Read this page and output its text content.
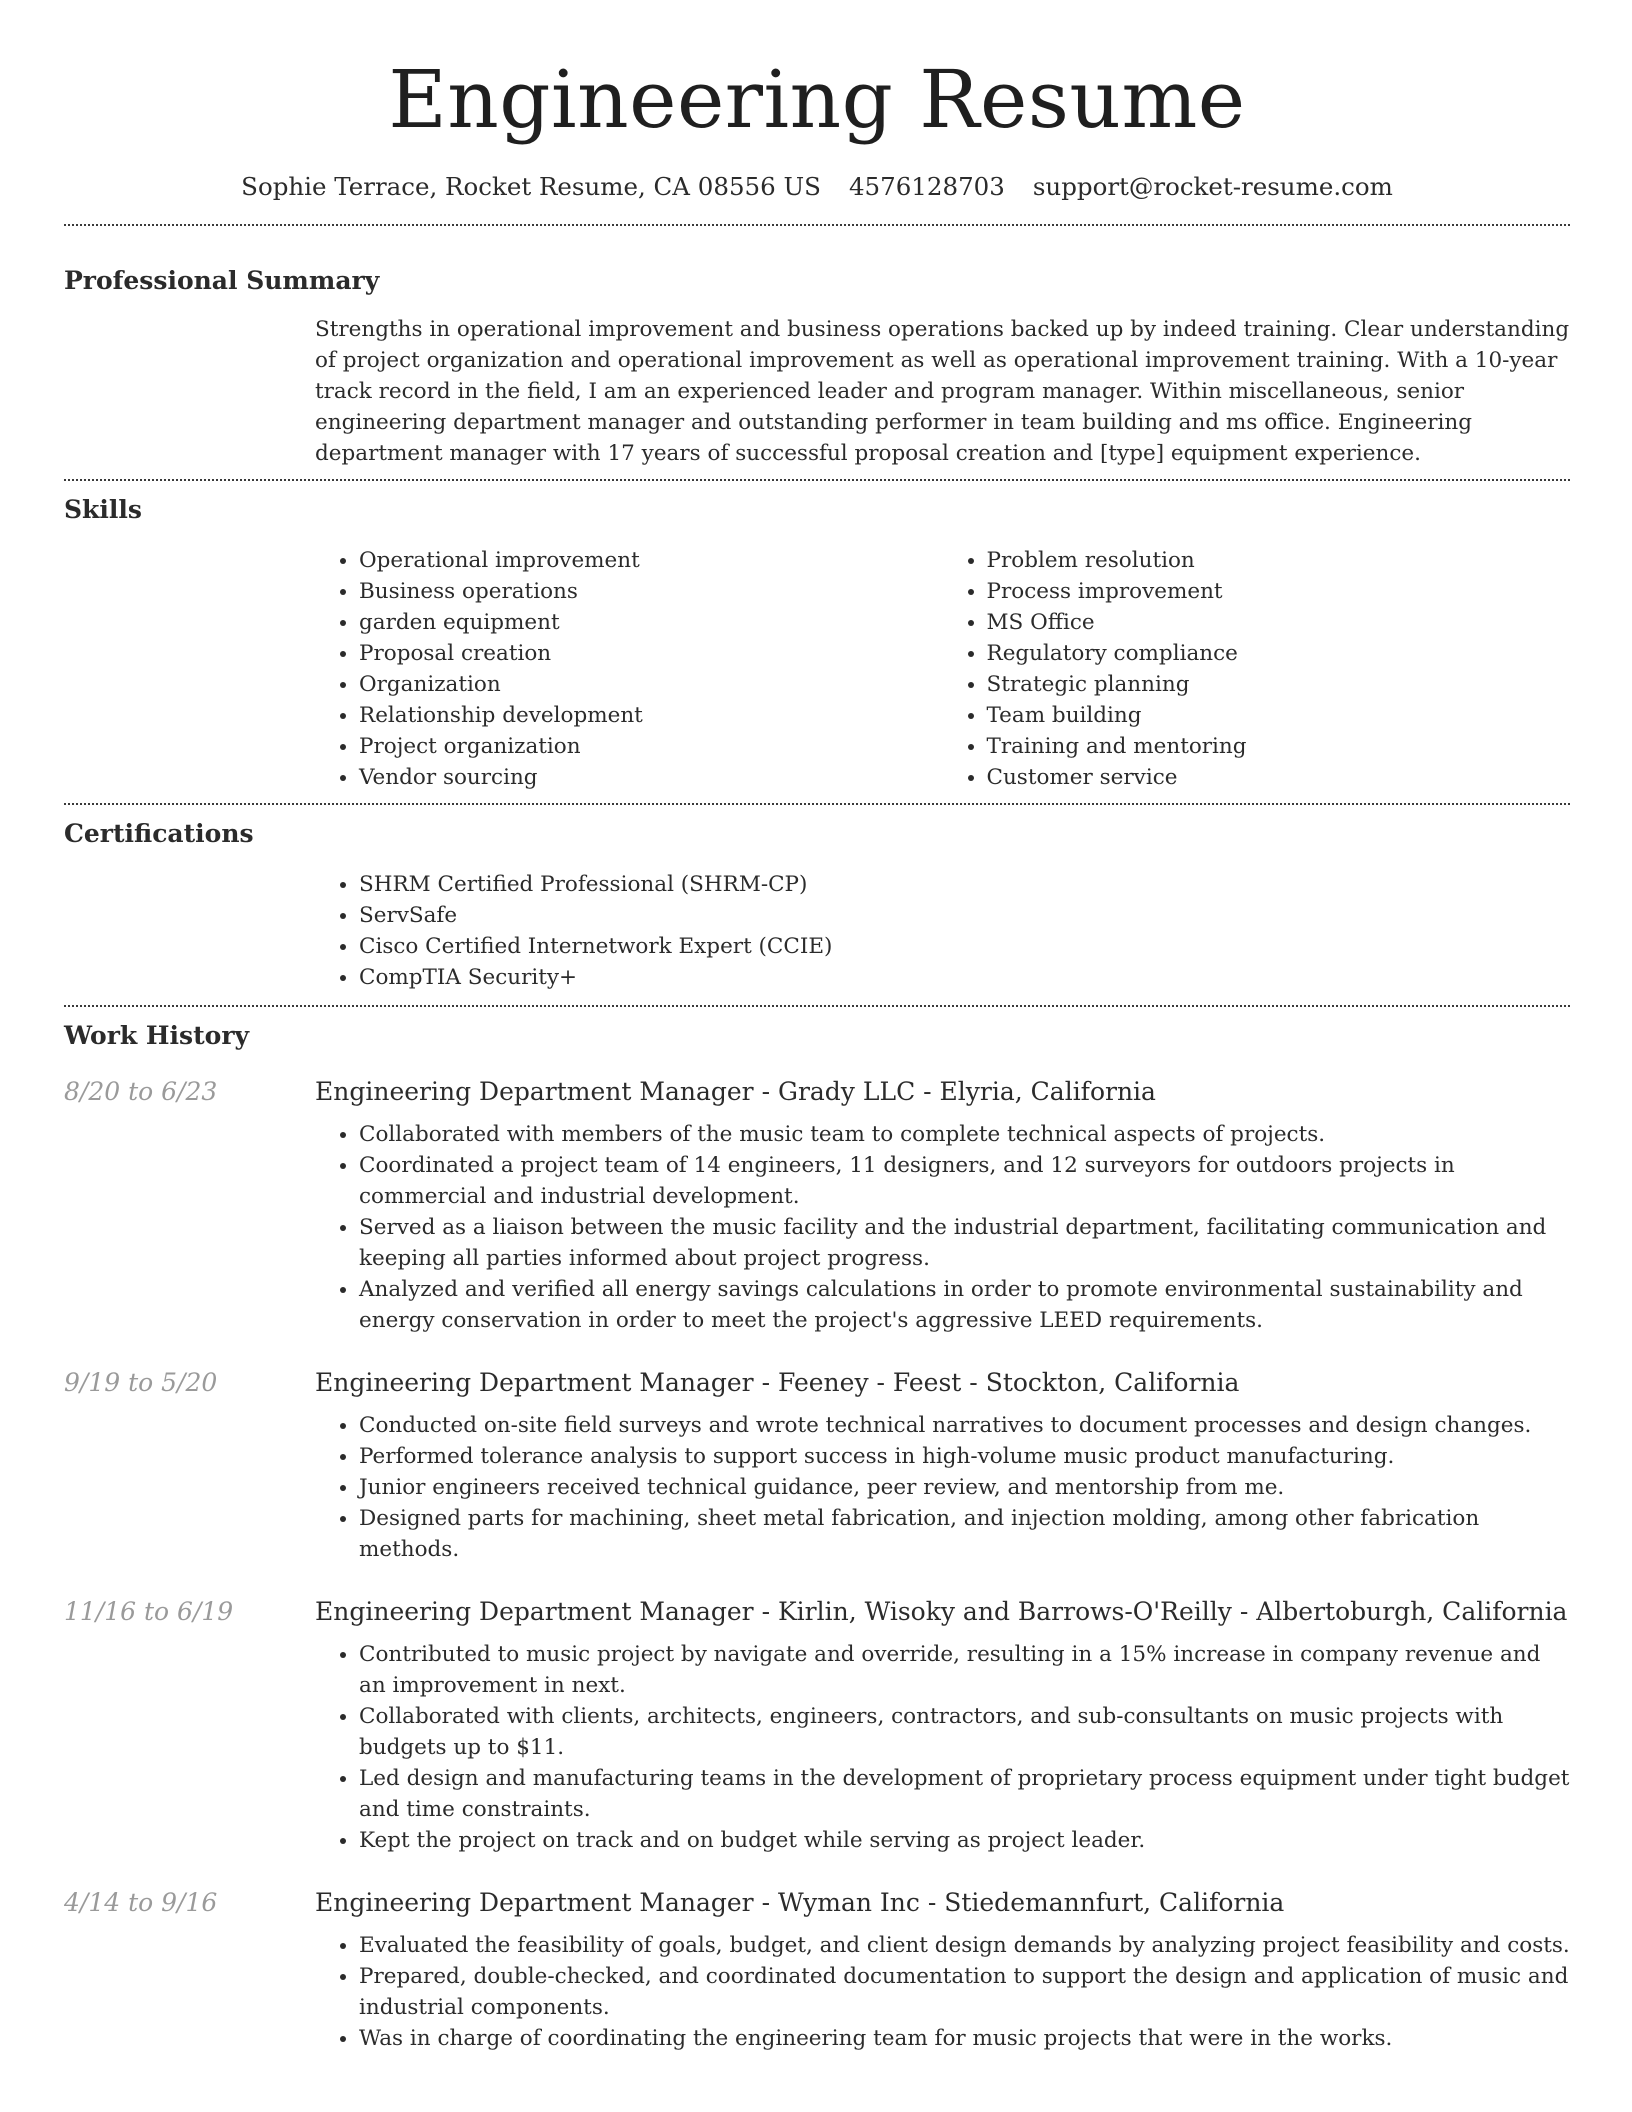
Engineering Resume
Sophie Terrace, Rocket Resume, CA 08556 US 4576128703 support@rocket-resume.com
Professional Summary
Strengths in operational improvement and business operations backed up by indeed training. Clear understanding of project organization and operational improvement as well as operational improvement training. With a 10-year track record in the field, I am an experienced leader and program manager. Within miscellaneous, senior engineering department manager and outstanding performer in team building and ms office. Engineering department manager with 17 years of successful proposal creation and [type] equipment experience.
Skills
• Operational improvement
• Business operations
• garden equipment
• Proposal creation
• Organization
• Relationship development
• Project organization
• Vendor sourcing
• Problem resolution
• Process improvement
• MS Office
• Regulatory compliance
• Strategic planning
• Team building
• Training and mentoring
• Customer service
Certifications
• SHRM Certified Professional (SHRM-CP)
• ServSafe
• Cisco Certified Internetwork Expert (CCIE)
• CompTIA Security+
Work History
8/20 to 6/23	Engineering Department Manager - Grady LLC - Elyria, California
• Collaborated with members of the music team to complete technical aspects of projects.
• Coordinated a project team of 14 engineers, 11 designers, and 12 surveyors for outdoors projects in commercial and industrial development.
• Served as a liaison between the music facility and the industrial department, facilitating communication and keeping all parties informed about project progress.
• Analyzed and verified all energy savings calculations in order to promote environmental sustainability and energy conservation in order to meet the project's aggressive LEED requirements.
9/19 to 5/20	Engineering Department Manager - Feeney - Feest - Stockton, California
• Conducted on-site field surveys and wrote technical narratives to document processes and design changes.
• Performed tolerance analysis to support success in high-volume music product manufacturing.
• Junior engineers received technical guidance, peer review, and mentorship from me.
• Designed parts for machining, sheet metal fabrication, and injection molding, among other fabrication methods.
11/16 to 6/19	Engineering Department Manager - Kirlin, Wisoky and Barrows-O'Reilly - Albertoburgh, California
• Contributed to music project by navigate and override, resulting in a 15% increase in company revenue and an improvement in next.
• Collaborated with clients, architects, engineers, contractors, and sub-consultants on music projects with budgets up to $11.
• Led design and manufacturing teams in the development of proprietary process equipment under tight budget and time constraints.
• Kept the project on track and on budget while serving as project leader.
4/14 to 9/16	Engineering Department Manager - Wyman Inc - Stiedemannfurt, California
• Evaluated the feasibility of goals, budget, and client design demands by analyzing project feasibility and costs.
• Prepared, double-checked, and coordinated documentation to support the design and application of music and industrial components.
• Was in charge of coordinating the engineering team for music projects that were in the works.
